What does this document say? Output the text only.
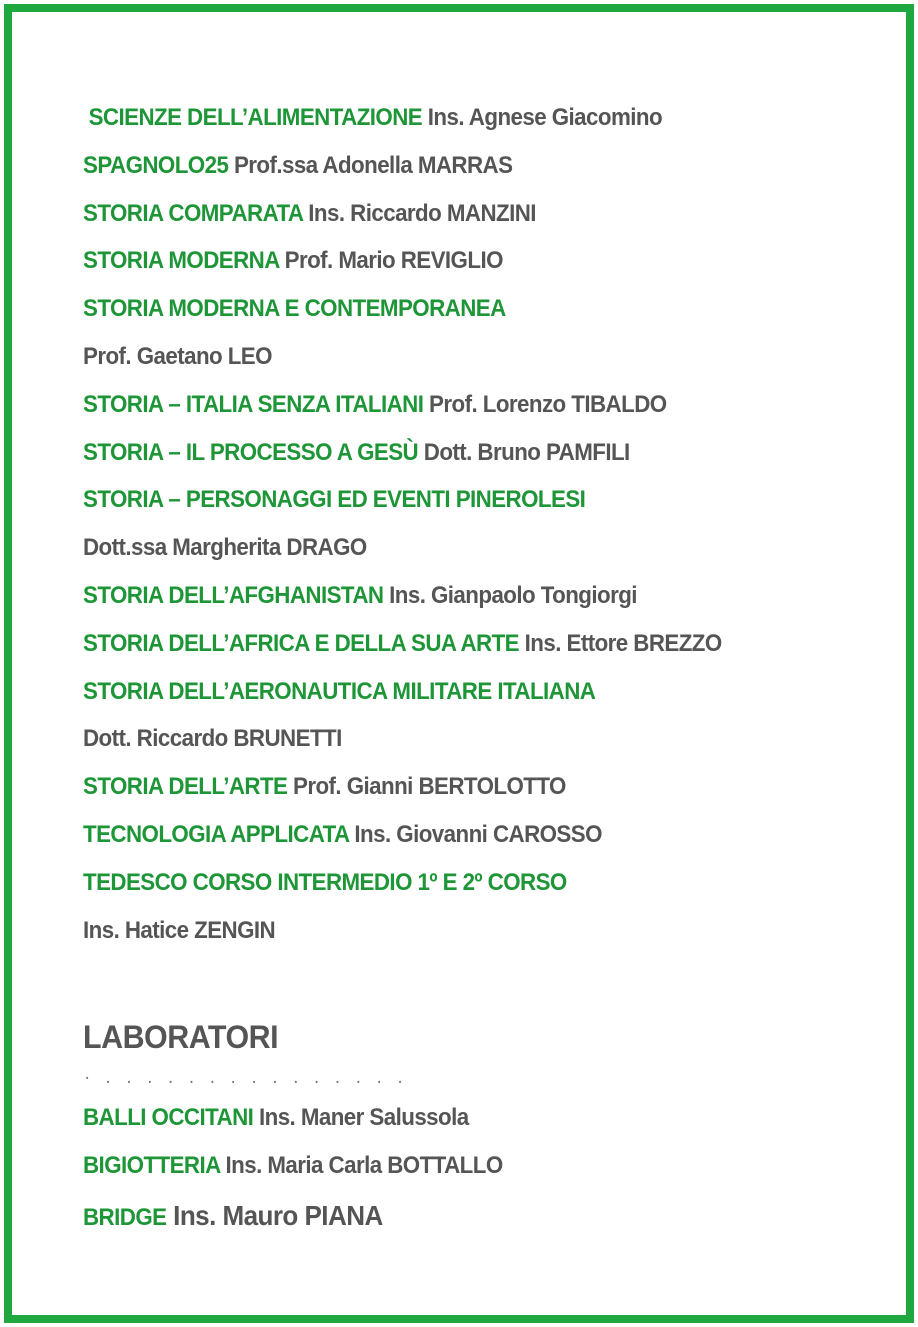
SCIENZE DELL’ALIMENTAZIONE Ins. Agnese Giacomino
SPAGNOLO25 Prof.ssa Adonella MARRAS
STORIA COMPARATA Ins. Riccardo MANZINI
STORIA MODERNA Prof. Mario REVIGLIO
STORIA MODERNA E CONTEMPORANEA
Prof. Gaetano LEO
STORIA – ITALIA SENZA ITALIANI Prof. Lorenzo TIBALDO
STORIA – IL PROCESSO A GESÙ Dott. Bruno PAMFILI
STORIA – PERSONAGGI ED EVENTI PINEROLESI
Dott.ssa Margherita DRAGO
STORIA DELL’AFGHANISTAN Ins. Gianpaolo Tongiorgi
STORIA DELL’AFRICA E DELLA SUA ARTE Ins. Ettore BREZZO
STORIA DELL’AERONAUTICA MILITARE ITALIANA
Dott. Riccardo BRUNETTI
STORIA DELL’ARTE Prof. Gianni BERTOLOTTO
TECNOLOGIA APPLICATA Ins. Giovanni CAROSSO
TEDESCO CORSO INTERMEDIO 1º E 2º CORSO
Ins. Hatice ZENGIN
LABORATORI
· . . . . . . . . . . . . . . .
BALLI OCCITANI Ins. Maner Salussola
BIGIOTTERIA Ins. Maria Carla BOTTALLO
BRIDGE Ins. Mauro PIANA
